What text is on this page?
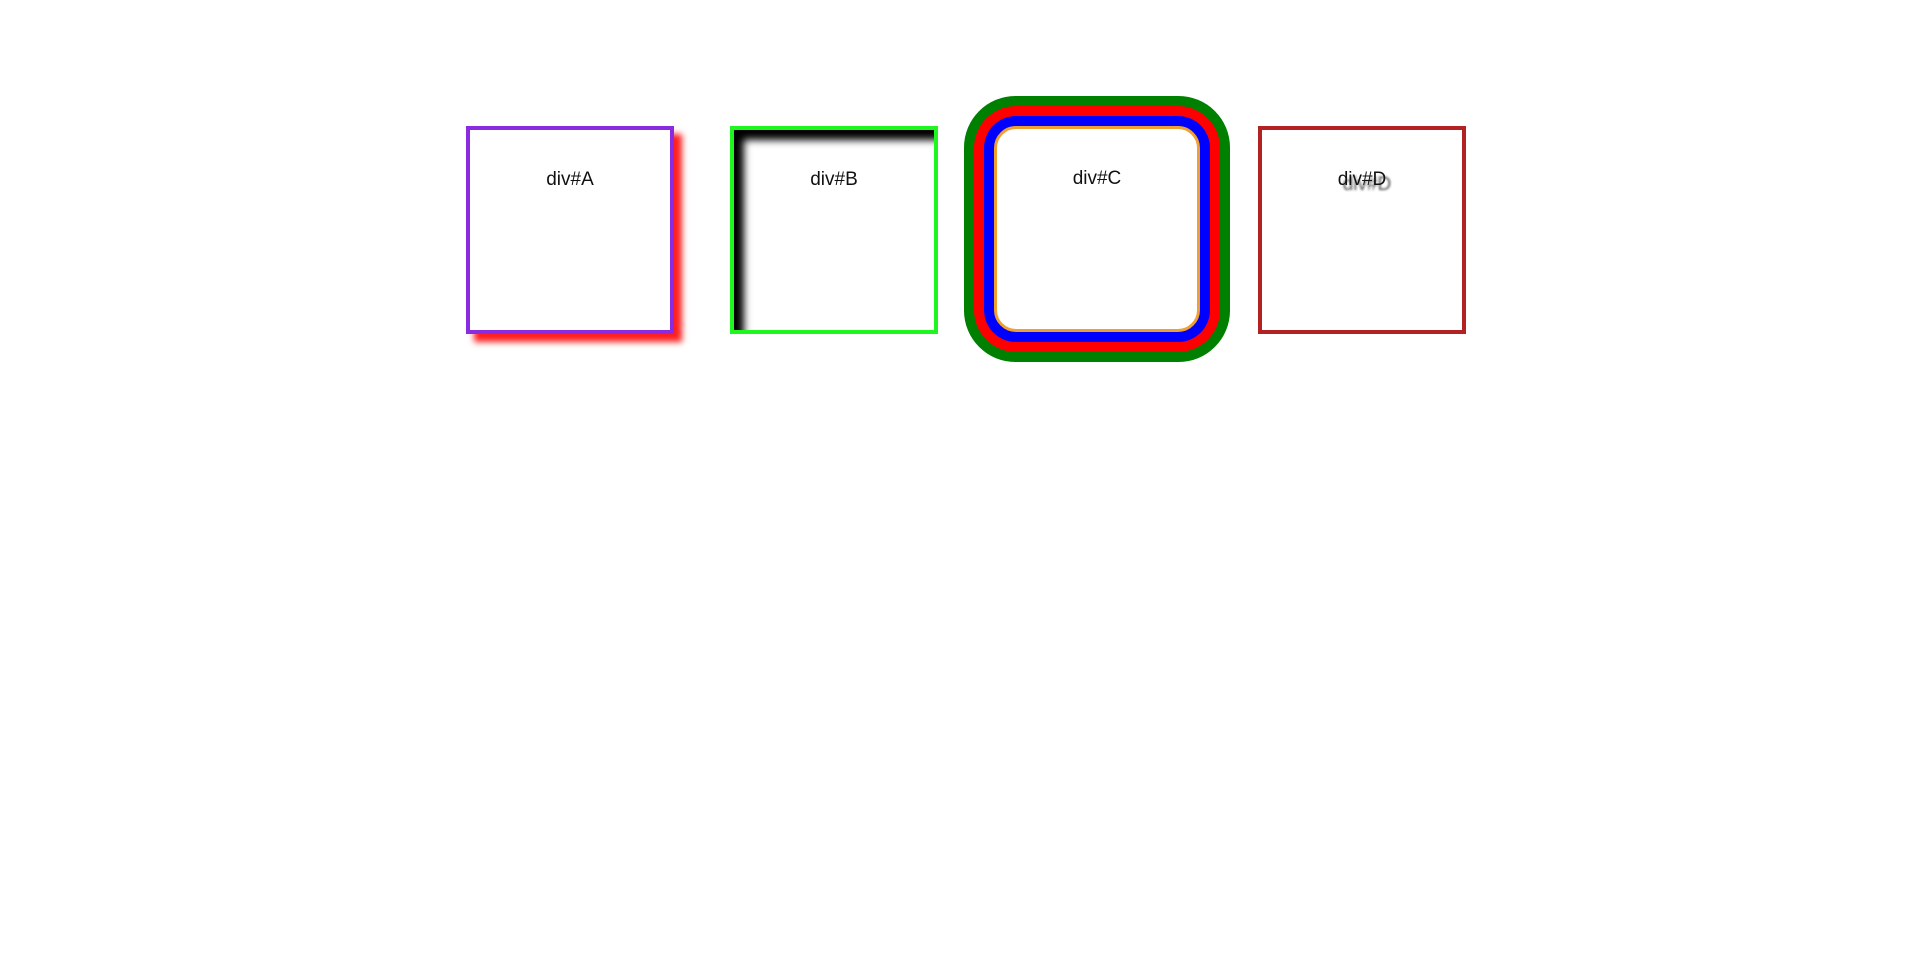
div#A	div#B	div#C	div#D
